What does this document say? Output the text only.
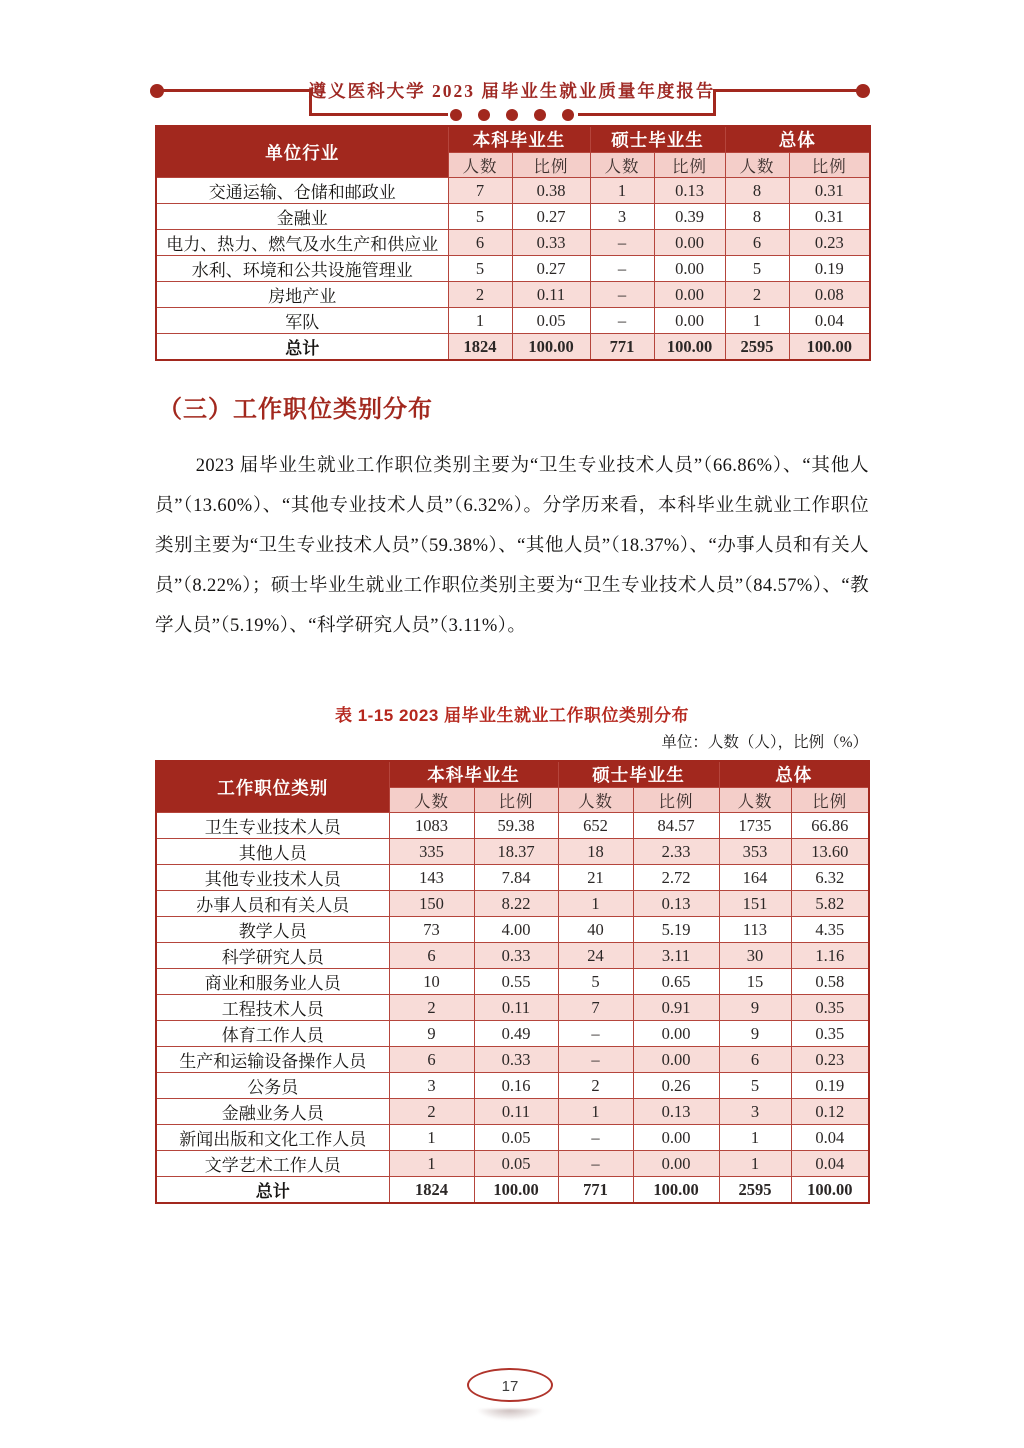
遵义医科大学 2023 届毕业生就业质量年度报告
单位行业	本科毕业生		硕士毕业生		总体	
	人数	比例	人数	比例	人数	比例
交通运输、仓储和邮政业	7	0.38	1	0.13	8	0.31
金融业	5	0.27	3	0.39	8	0.31
电力、热力、燃气及水生产和供应业	6	0.33	–	0.00	6	0.23
水利、环境和公共设施管理业	5	0.27	–	0.00	5	0.19
房地产业	2	0.11	–	0.00	2	0.08
军队	1	0.05	–	0.00	1	0.04
总计	1824	100.00	771	100.00	2595	100.00
（三）工作职位类别分布

2023 届毕业生就业工作职位类别主要为“卫生专业技术人员”（66.86%）、“其他人员”（13.60%）、“其他专业技术人员”（6.32%）。分学历来看，本科毕业生就业工作职位类别主要为“卫生专业技术人员”（59.38%）、“其他人员”（18.37%）、“办事人员和有关人员”（8.22%）；硕士毕业生就业工作职位类别主要为“卫生专业技术人员”（84.57%）、“教学人员”（5.19%）、“科学研究人员”（3.11%）。

表 1-15 2023 届毕业生就业工作职位类别分布

单位：人数（人），比例（%）

工作职位类别	本科毕业生		硕士毕业生		总体	
	人数	比例	人数	比例	人数	比例
卫生专业技术人员	1083	59.38	652	84.57	1735	66.86
其他人员	335	18.37	18	2.33	353	13.60
其他专业技术人员	143	7.84	21	2.72	164	6.32
办事人员和有关人员	150	8.22	1	0.13	151	5.82
教学人员	73	4.00	40	5.19	113	4.35
科学研究人员	6	0.33	24	3.11	30	1.16
商业和服务业人员	10	0.55	5	0.65	15	0.58
工程技术人员	2	0.11	7	0.91	9	0.35
体育工作人员	9	0.49	–	0.00	9	0.35
生产和运输设备操作人员	6	0.33	–	0.00	6	0.23
公务员	3	0.16	2	0.26	5	0.19
金融业务人员	2	0.11	1	0.13	3	0.12
新闻出版和文化工作人员	1	0.05	–	0.00	1	0.04
文学艺术工作人员	1	0.05	–	0.00	1	0.04
总计	1824	100.00	771	100.00	2595	100.00
17
